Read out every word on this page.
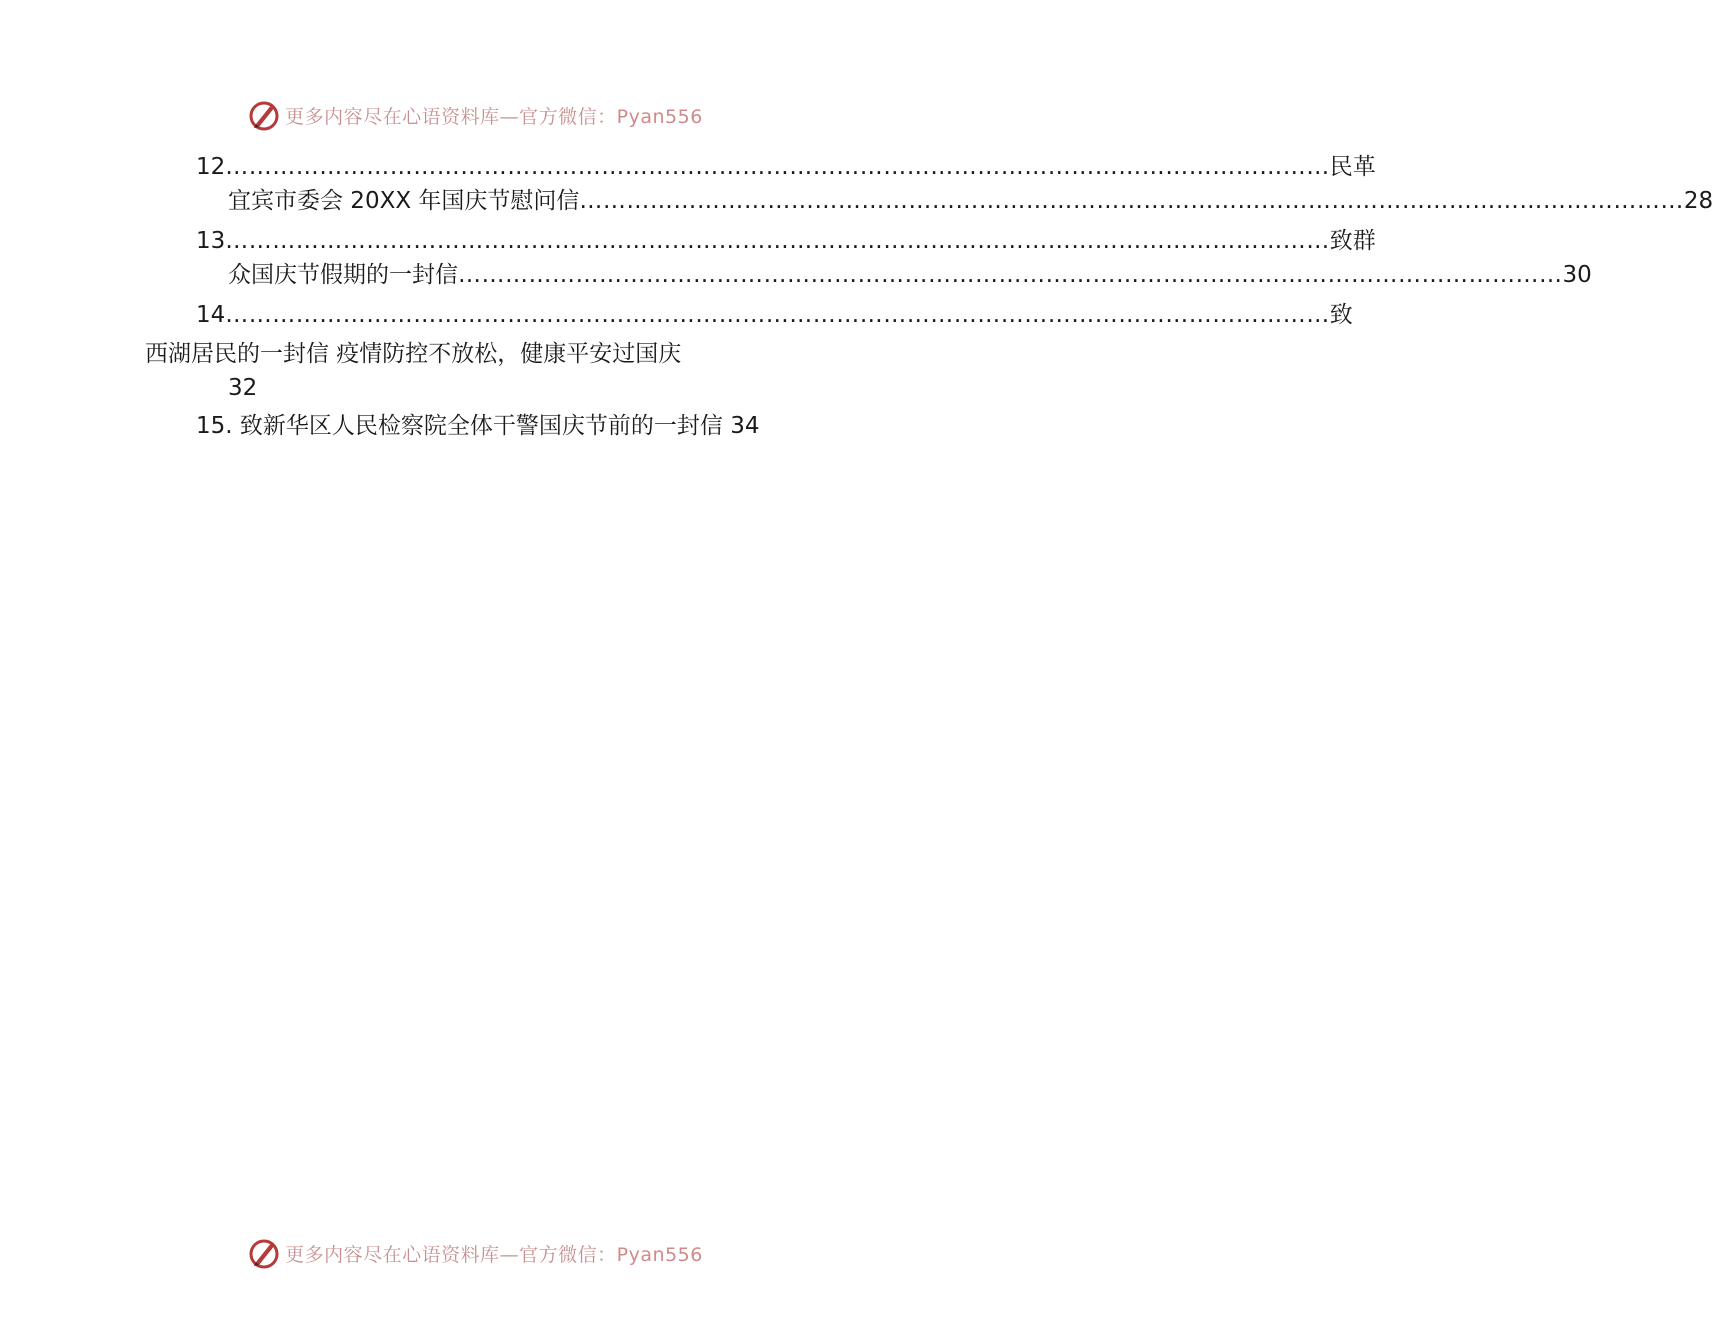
更多内容尽在心语资料库—官方微信：Pyan556
12 …………………………………………………………………………………………………………………………… 民革
宜宾市委会 20XX 年国庆节慰问信 …………………………………………………………………………………………………………………………… 28
13 …………………………………………………………………………………………………………………………… 致群
众国庆节假期的一封信 …………………………………………………………………………………………………………………………… 30
14 …………………………………………………………………………………………………………………………… 致
西湖居民的一封信 疫情防控不放松，健康平安过国庆
32
15. 致新华区人民检察院全体干警国庆节前的一封信 34
更多内容尽在心语资料库—官方微信：Pyan556
